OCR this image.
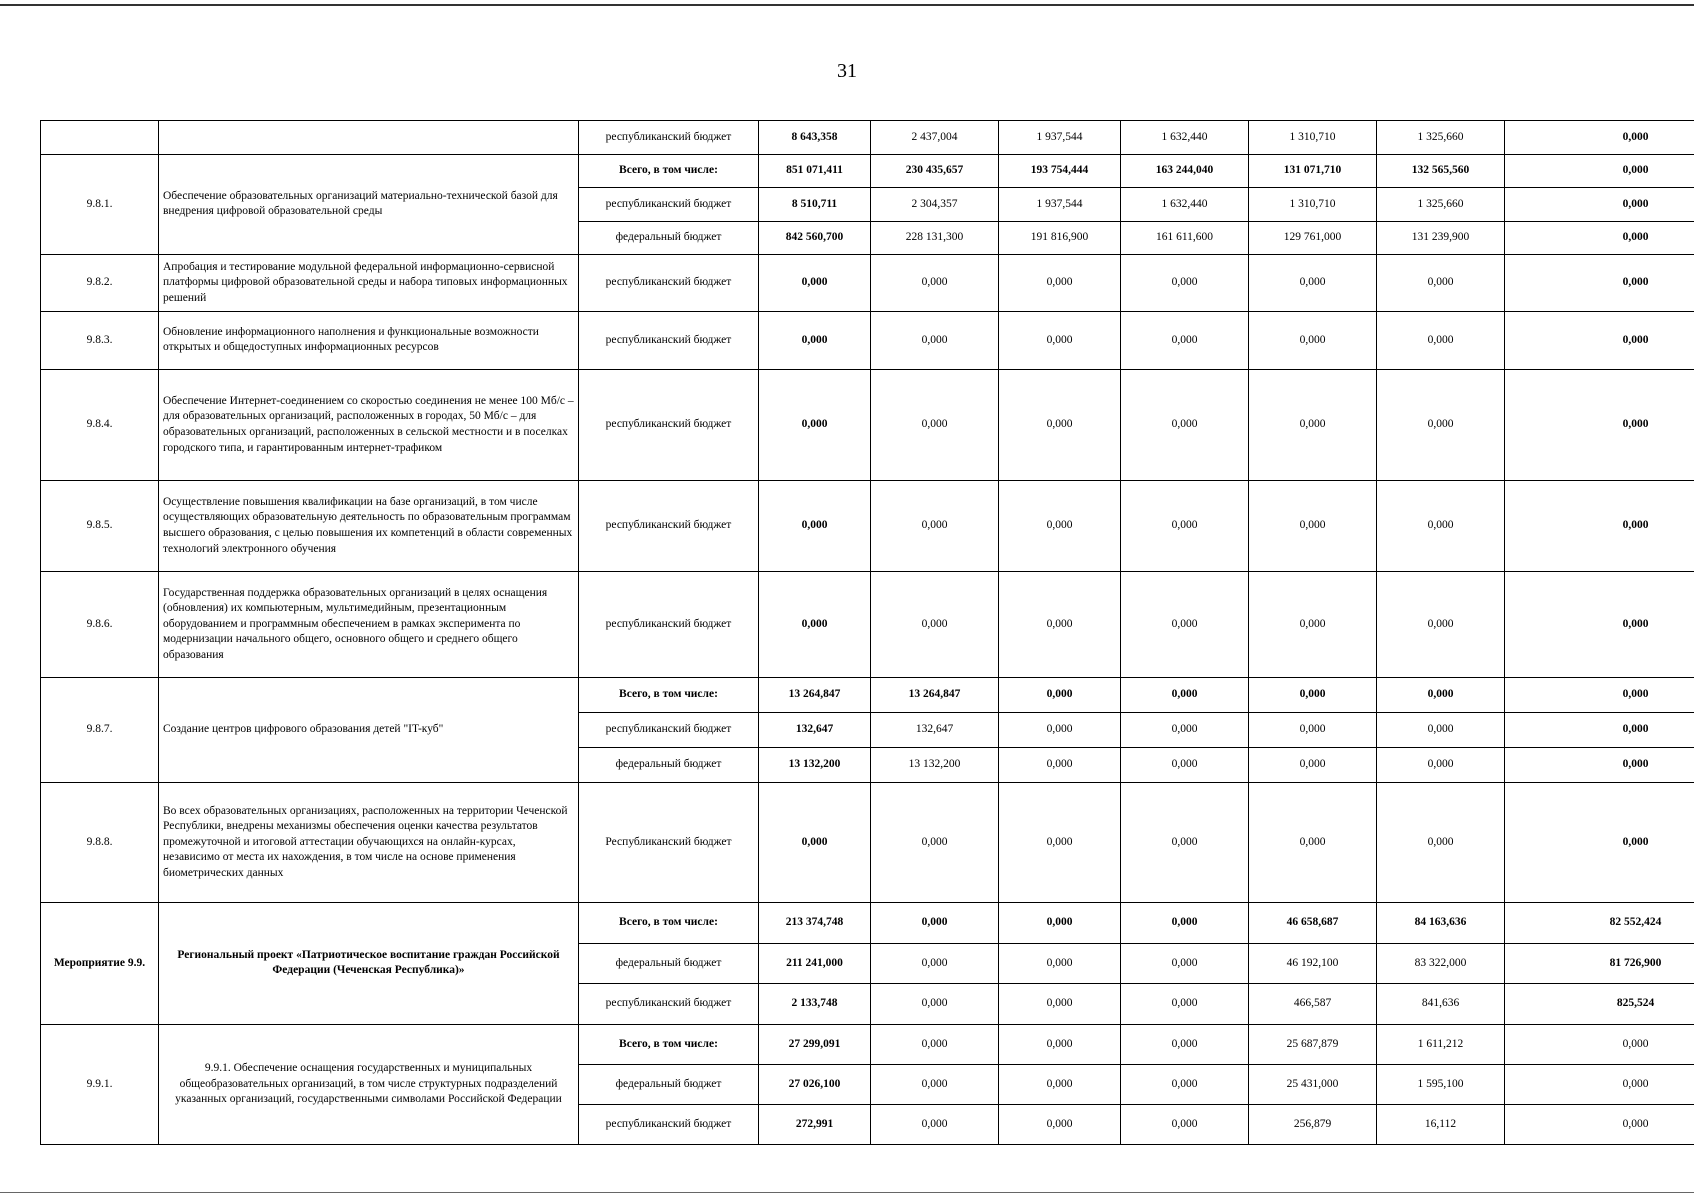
31
		республиканский бюджет	8 643,358	2 437,004	1 937,544	1 632,440	1 310,710	1 325,660	0,000
9.8.1.	Обеспечение образовательных организаций материально-технической базой для внедрения цифровой образовательной среды	Всего, в том числе:	851 071,411	230 435,657	193 754,444	163 244,040	131 071,710	132 565,560	0,000
		республиканский бюджет	8 510,711	2 304,357	1 937,544	1 632,440	1 310,710	1 325,660	0,000
		федеральный бюджет	842 560,700	228 131,300	191 816,900	161 611,600	129 761,000	131 239,900	0,000
9.8.2.	Апробация и тестирование модульной федеральной информационно-сервисной платформы цифровой образовательной среды и набора типовых информационных решений	республиканский бюджет	0,000	0,000	0,000	0,000	0,000	0,000	0,000
9.8.3.	Обновление информационного наполнения и функциональные возможности открытых и общедоступных информационных ресурсов	республиканский бюджет	0,000	0,000	0,000	0,000	0,000	0,000	0,000
9.8.4.	Обеспечение Интернет-соединением со скоростью соединения не менее 100 Мб/с – для образовательных организаций, расположенных в городах, 50 Мб/с – для образовательных организаций, расположенных в сельской местности и в поселках городского типа, и гарантированным интернет-трафиком	республиканский бюджет	0,000	0,000	0,000	0,000	0,000	0,000	0,000
9.8.5.	Осуществление повышения квалификации на базе организаций, в том числе осуществляющих образовательную деятельность по образовательным программам высшего образования, с целью повышения их компетенций в области современных технологий электронного обучения	республиканский бюджет	0,000	0,000	0,000	0,000	0,000	0,000	0,000
9.8.6.	Государственная поддержка образовательных организаций в целях оснащения (обновления) их компьютерным, мультимедийным, презентационным оборудованием и программным обеспечением в рамках эксперимента по модернизации начального общего, основного общего и среднего общего образования	республиканский бюджет	0,000	0,000	0,000	0,000	0,000	0,000	0,000
9.8.7.	Создание центров цифрового образования детей "IT-куб"	Всего, в том числе:	13 264,847	13 264,847	0,000	0,000	0,000	0,000	0,000
		республиканский бюджет	132,647	132,647	0,000	0,000	0,000	0,000	0,000
		федеральный бюджет	13 132,200	13 132,200	0,000	0,000	0,000	0,000	0,000
9.8.8.	Во всех образовательных организациях, расположенных на территории Чеченской Республики, внедрены механизмы обеспечения оценки качества результатов промежуточной и итоговой аттестации обучающихся на онлайн-курсах, независимо от места их нахождения, в том числе на основе применения биометрических данных	Республиканский бюджет	0,000	0,000	0,000	0,000	0,000	0,000	0,000
Мероприятие 9.9.	Региональный проект «Патриотическое воспитание граждан Российской Федерации (Чеченская Республика)»	Всего, в том числе:	213 374,748	0,000	0,000	0,000	46 658,687	84 163,636	82 552,424
		федеральный бюджет	211 241,000	0,000	0,000	0,000	46 192,100	83 322,000	81 726,900
		республиканский бюджет	2 133,748	0,000	0,000	0,000	466,587	841,636	825,524
9.9.1.	9.9.1. Обеспечение оснащения государственных и муниципальных общеобразовательных организаций, в том числе структурных подразделений указанных организаций, государственными символами Российской Федерации	Всего, в том числе:	27 299,091	0,000	0,000	0,000	25 687,879	1 611,212	0,000
		федеральный бюджет	27 026,100	0,000	0,000	0,000	25 431,000	1 595,100	0,000
		республиканский бюджет	272,991	0,000	0,000	0,000	256,879	16,112	0,000
